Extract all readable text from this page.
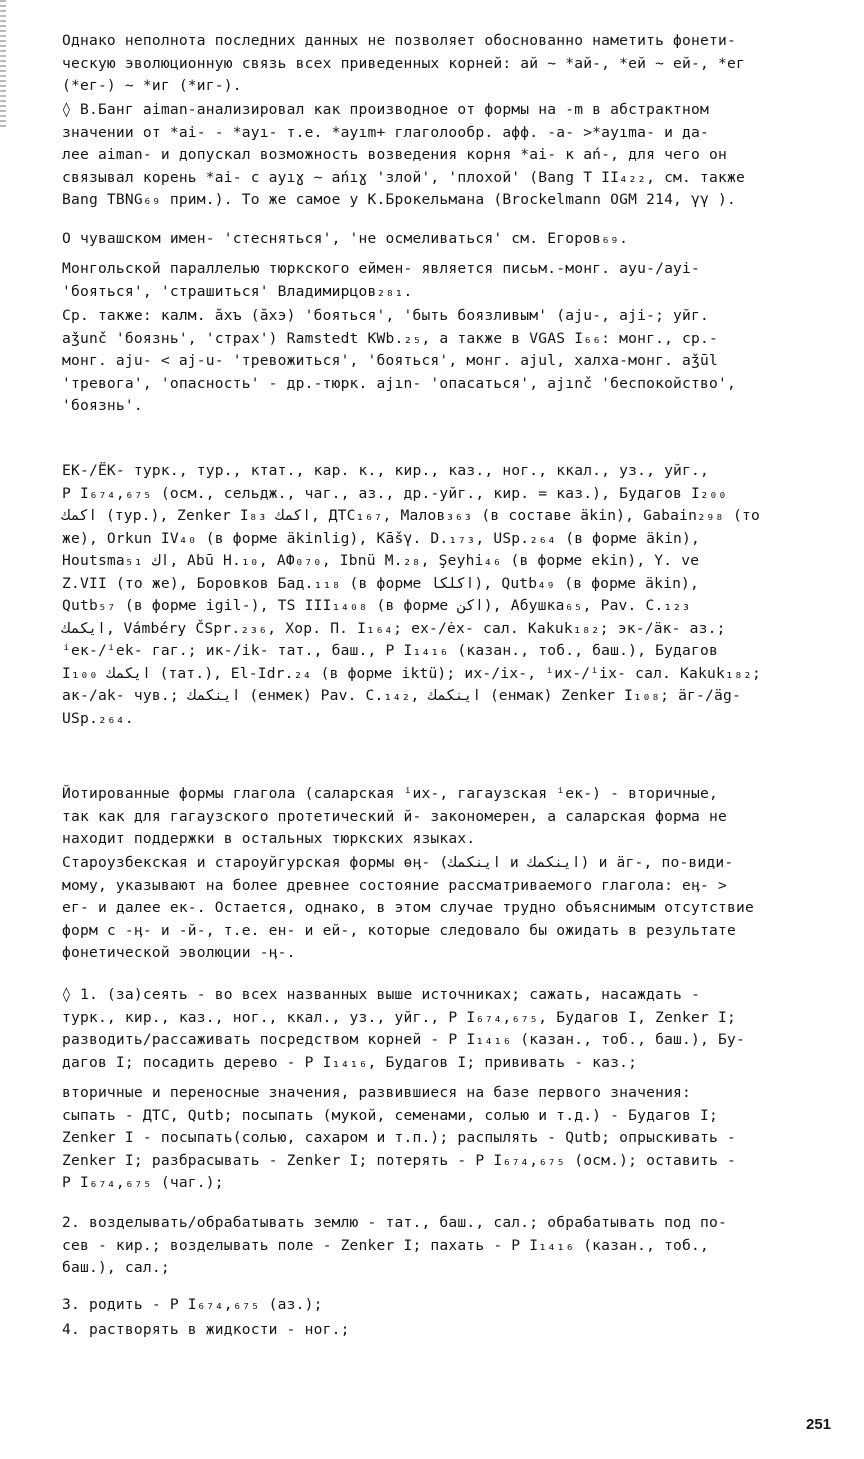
Однако неполнота последних данных не позволяет обоснованно наметить фонети-
ческую эволюционную связь всех приведенных корней: ай ~ *ай-, *ей ~ ей-, *ег
(*ег-) ~ *иг (*иг-).

◊ В.Банг aiman-анализировал как производное от формы на -m в абстрактном
значении от *ai- - *ayı- т.е. *ayım+ глаголообр. афф. -a- >*ayıma- и да-
лее aiman- и допускал возможность возведения корня *ai- к ań-, для чего он
связывал корень *ai- с ayıɣ ~ ańıɣ 'злой', 'плохой' (Bang T II₄₂₂, см. также
Bang TBNG₆₉ прим.). То же самое у К.Брокельмана (Brockelmann OGM 214, γγ ).

О чувашском имен- 'стесняться', 'не осмеливаться' см. Егоров₆₉.

Монгольской параллелью тюркского еймен- является письм.-монг. ayu-/ayi-
'бояться', 'страшиться' Владимирцов₂₈₁.

Ср. также: калм. ăхъ (ăхэ) 'бояться', 'быть боязливым' (aju-, aji-; уйг.
aǯunč 'боязнь', 'страх') Ramstedt KWb.₂₅, а также в VGAS I₆₆: монг., ср.-
монг. aju- < aj-u- 'тревожиться', 'бояться', монг. ajul, халха-монг. aǯūl
'тревога', 'опасность' - др.-тюрк. ajın- 'опасаться', ajınč 'беспокойство',
'боязнь'.

ЕК-/ЁК- турк., тур., ктат., кар. к., кир., каз., ног., ккал., уз., уйг.,
Р I₆₇₄,₆₇₅ (осм., сельдж., чаг., аз., др.-уйг., кир. = каз.), Будагов I₂₀₀
اكمك (тур.), Zenker I₈₃ اكمك, ДТС₁₆₇, Малов₃₆₃ (в составе äkin), Gabain₂₉₈ (то
же), Orkun IV₄₀ (в форме äkinlig), Kāšγ. D.₁₇₃, USp.₂₆₄ (в форме äkin),
Houtsma₅₁ اك, Abū H.₁₀, АФ₀₇₀, Ibnü M.₂₈, Şeyhi₄₆ (в форме ekin), Y. ve
Z.VII (то же), Боровков Бад.₁₁₈ (в форме اكلكا), Qutb₄₉ (в форме äkin),
Qutb₅₇ (в форме igil-), TS III₁₄₀₈ (в форме اكن), Абушка₆₅, Pav. C.₁₂₃
ايكمك, Vámbéry ČSpr.₂₃₆, Хор. П. I₁₆₄; ех-/ėх- сал. Kakuk₁₈₂; эк-/äк- аз.;
ⁱек-/ⁱek- гаг.; ик-/ik- тат., баш., Р I₁₄₁₆ (казан., тоб., баш.), Будагов
I₁₀₀ ايكمك (тат.), El-Idr.₂₄ (в форме iktü); их-/ix-, ⁱих-/ⁱix- сал. Kakuk₁₈₂;
ак-/ak- чув.; اينكمك (енмек) Pav. C.₁₄₂, اينكمك (енмак) Zenker I₁₀₈; ӓг-/äg-
USp.₂₆₄.

Йотированные формы глагола (саларская ⁱих-, гагаузская ⁱек-) - вторичные,
так как для гагаузского протетический й- закономерен, а саларская форма не
находит поддержки в остальных тюркских языках.

Староузбекская и староуйгурская формы өӊ- (اينكمك и اينكمك) и äг-, по-види-
мому, указывают на более древнее состояние рассматриваемого глагола: еӊ- >
ег- и далее ек-. Остается, однако, в этом случае трудно объяснимым отсутствие
форм с -ӊ- и -й-, т.е. ен- и ей-, которые следовало бы ожидать в результате
фонетической эволюции -ӊ-.

◊ 1. (за)сеять - во всех названных выше источниках; сажать, насаждать -
турк., кир., каз., ног., ккал., уз., уйг., Р I₆₇₄,₆₇₅, Будагов I, Zenker I;
разводить/рассаживать посредством корней - Р I₁₄₁₆ (казан., тоб., баш.), Бу-
дагов I; посадить дерево - Р I₁₄₁₆, Будагов I; прививать - каз.;

вторичные и переносные значения, развившиеся на базе первого значения:
сыпать - ДТС, Qutb; посыпать (мукой, семенами, солью и т.д.) - Будагов I;
Zenker I - посыпать(солью, сахаром и т.п.); распылять - Qutb; опрыскивать -
Zenker I; разбрасывать - Zenker I; потерять - Р I₆₇₄,₆₇₅ (осм.); оставить -
Р I₆₇₄,₆₇₅ (чаг.);

2. возделывать/обрабатывать землю - тат., баш., сал.; обрабатывать под по-
сев - кир.; возделывать поле - Zenker I; пахать - Р I₁₄₁₆ (казан., тоб.,
баш.), сал.;

3. родить - Р I₆₇₄,₆₇₅ (аз.);

4. растворять в жидкости - ног.;

251
